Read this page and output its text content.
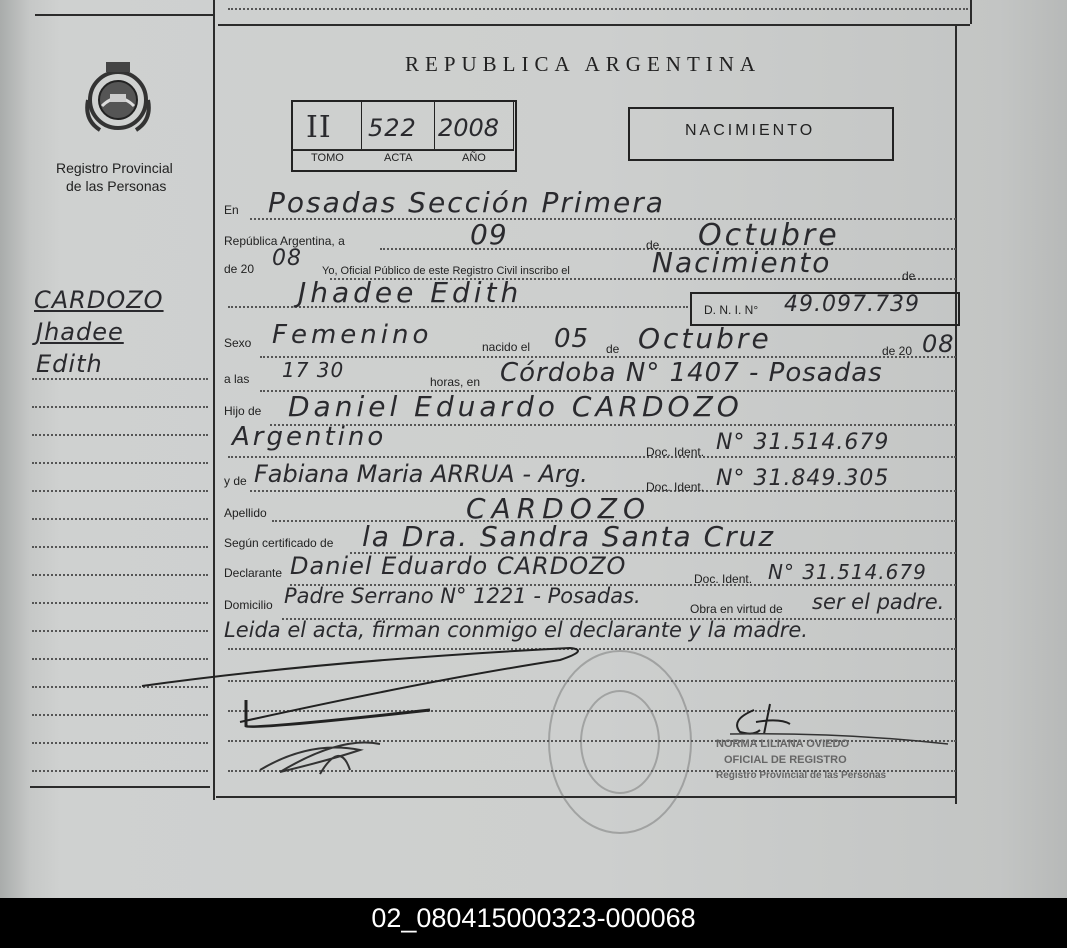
Registro Provincial
de las Personas
CARDOZO
Jhadee
Edith
REPUBLICA ARGENTINA
II 522 2008
TOMO	ACTA	AÑO
NACIMIENTO
En Posadas Sección Primera
República Argentina, a	09	de Octubre
de 20 08 Yo, Oficial Público de este Registro Civil inscribo el	Nacimiento	de
Jhadee Edith
D. N. I. N° 49.097.739
Sexo Femenino	nacido el 05 de Octubre	de 20 08
a las 17 30	horas, en Córdoba N° 1407 - Posadas
Hijo de Daniel Eduardo CARDOZO
Argentino	Doc. Ident. N° 31.514.679
y de Fabiana Maria ARRUA - Arg.	Doc. Ident. N° 31.849.305
Apellido	CARDOZO
Según certificado de la Dra. Sandra Santa Cruz
Declarante Daniel Eduardo CARDOZO	Doc. Ident. N° 31.514.679
Domicilio Padre Serrano N° 1221 - Posadas.
Obra en virtud de ser el padre.
Leida el acta, firman conmigo el declarante y la madre.
NORMA LILIANA OVIEDO
OFICIAL DE REGISTRO
Registro Provincial de las Personas
02_080415000323-000068
